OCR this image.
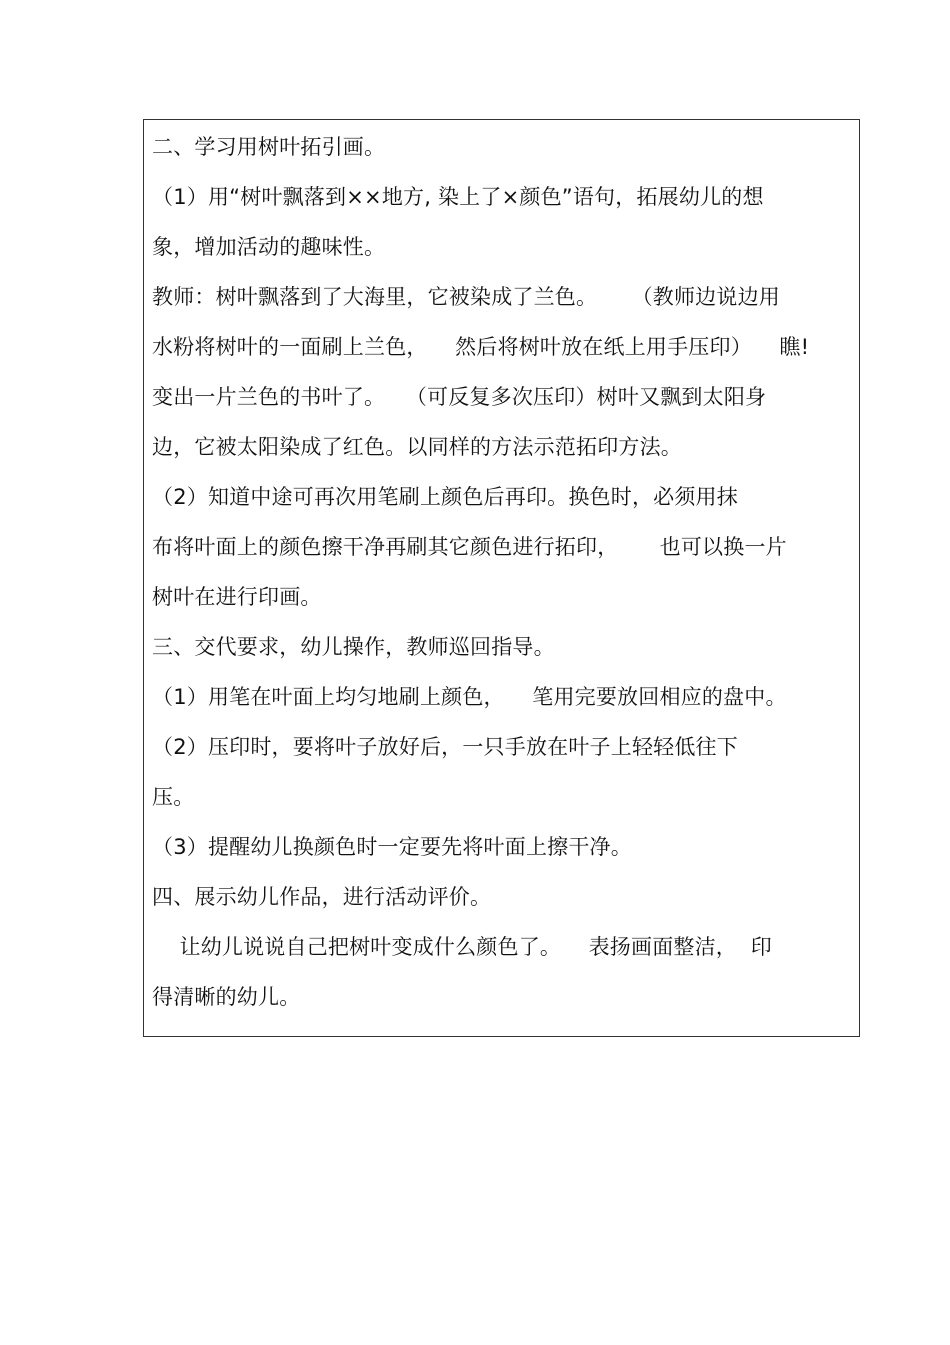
二、学习用树叶拓引画。
（1）用“树叶飘落到××地方, 染上了×颜色”语句，拓展幼儿的想
象，增加活动的趣味性。
教师：树叶飘落到了大海里，它被染成了兰色。     （教师边说边用
水粉将树叶的一面刷上兰色，    然后将树叶放在纸上用手压印）    瞧!
变出一片兰色的书叶了。   （可反复多次压印）树叶又飘到太阳身
边，它被太阳染成了红色。以同样的方法示范拓印方法。
（2）知道中途可再次用笔刷上颜色后再印。换色时，必须用抹
布将叶面上的颜色擦干净再刷其它颜色进行拓印，      也可以换一片
树叶在进行印画。
三、交代要求，幼儿操作，教师巡回指导。
（1）用笔在叶面上均匀地刷上颜色，    笔用完要放回相应的盘中。
（2）压印时，要将叶子放好后，一只手放在叶子上轻轻低往下
压。
（3）提醒幼儿换颜色时一定要先将叶面上擦干净。
四、展示幼儿作品，进行活动评价。
让幼儿说说自己把树叶变成什么颜色了。    表扬画面整洁，  印
得清晰的幼儿。
